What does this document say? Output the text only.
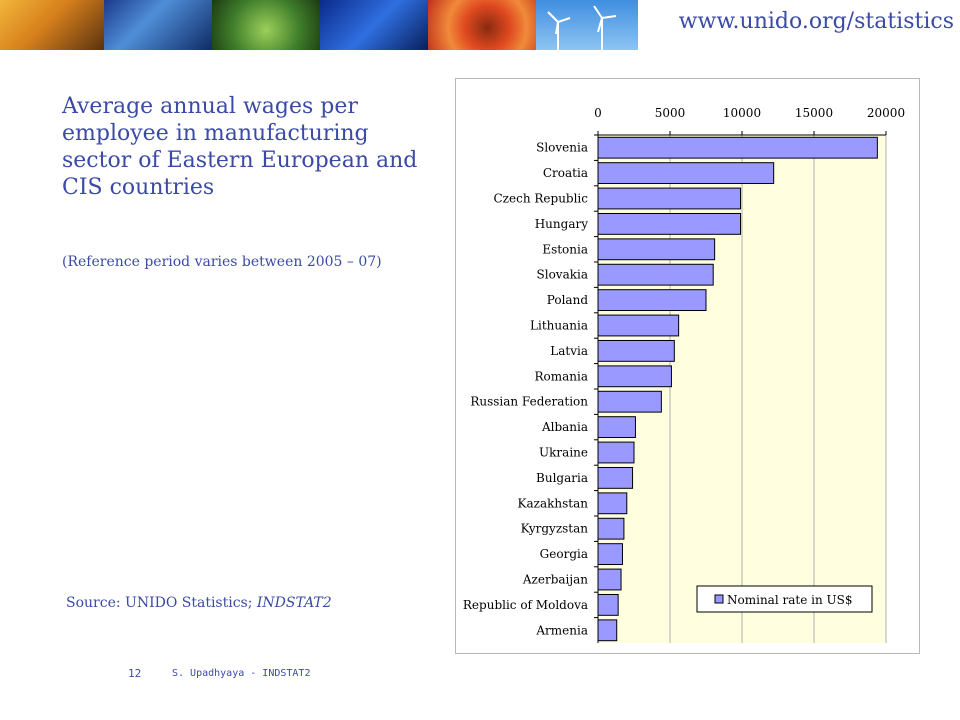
www.unido.org/statistics
Average annual wages per employee in manufacturing sector of Eastern European and CIS countries

(Reference period varies between 2005 – 07)

Source: UNIDO Statistics; INDSTAT2

12	S. Upadhyaya - INDSTAT2
0	5000	10000	15000	20000
Slovenia
Croatia
Czech Republic
Hungary
Estonia
Slovakia
Poland
Lithuania
Latvia
Romania
Russian Federation
Albania
Ukraine
Bulgaria
Kazakhstan
Kyrgyzstan
Georgia
Azerbaijan
Republic of Moldova
Armenia
Nominal rate in US$
